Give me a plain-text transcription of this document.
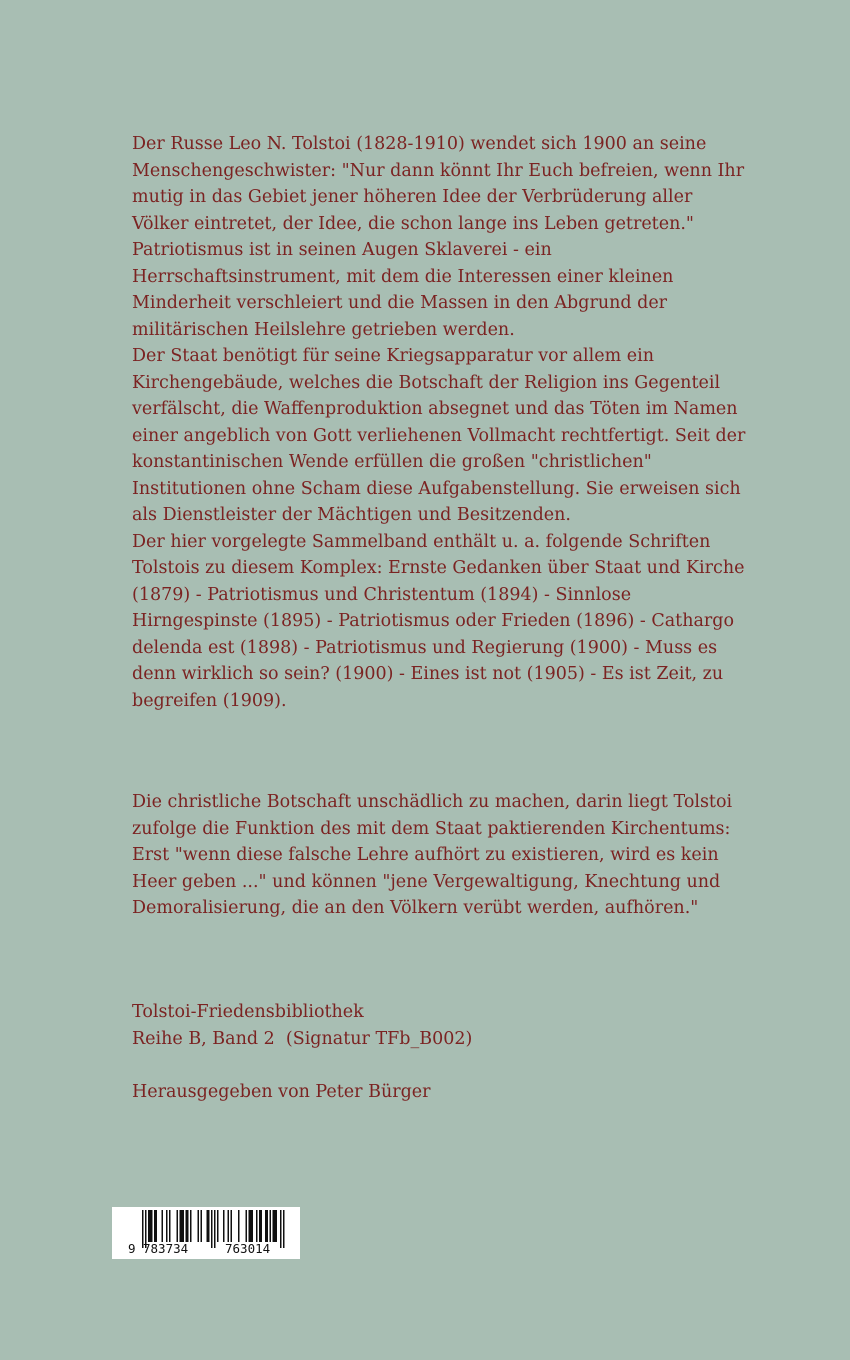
Der Russe Leo N. Tolstoi (1828-1910) wendet sich 1900 an seine Menschengeschwister: "Nur dann könnt Ihr Euch befreien, wenn Ihr mutig in das Gebiet jener höheren Idee der Verbrüderung aller Völker eintretet, der Idee, die schon lange ins Leben getreten." Patriotismus ist in seinen Augen Sklaverei - ein Herrschaftsinstrument, mit dem die Interessen einer kleinen Minderheit verschleiert und die Massen in den Abgrund der militärischen Heilslehre getrieben werden.

Der Staat benötigt für seine Kriegsapparatur vor allem ein Kirchengebäude, welches die Botschaft der Religion ins Gegenteil verfälscht, die Waffenproduktion absegnet und das Töten im Namen einer angeblich von Gott verliehenen Vollmacht rechtfertigt. Seit der konstantinischen Wende erfüllen die großen "christlichen" Institutionen ohne Scham diese Aufgabenstellung. Sie erweisen sich als Dienstleister der Mächtigen und Besitzenden.

Der hier vorgelegte Sammelband enthält u. a. folgende Schriften Tolstois zu diesem Komplex: Ernste Gedanken über Staat und Kirche (1879) - Patriotismus und Christentum (1894) - Sinnlose Hirngespinste (1895) - Patriotismus oder Frieden (1896) - Cathargo delenda est (1898) - Patriotismus und Regierung (1900) - Muss es denn wirklich so sein? (1900) - Eines ist not (1905) - Es ist Zeit, zu begreifen (1909).

Die christliche Botschaft unschädlich zu machen, darin liegt Tolstoi zufolge die Funktion des mit dem Staat paktierenden Kirchentums: Erst "wenn diese falsche Lehre aufhört zu existieren, wird es kein Heer geben ..." und können "jene Vergewaltigung, Knechtung und Demoralisierung, die an den Völkern verübt werden, aufhören."

Tolstoi-Friedensbibliothek

Reihe B, Band 2  (Signatur TFb_B002)

Herausgegeben von Peter Bürger

9

783734

	763014
